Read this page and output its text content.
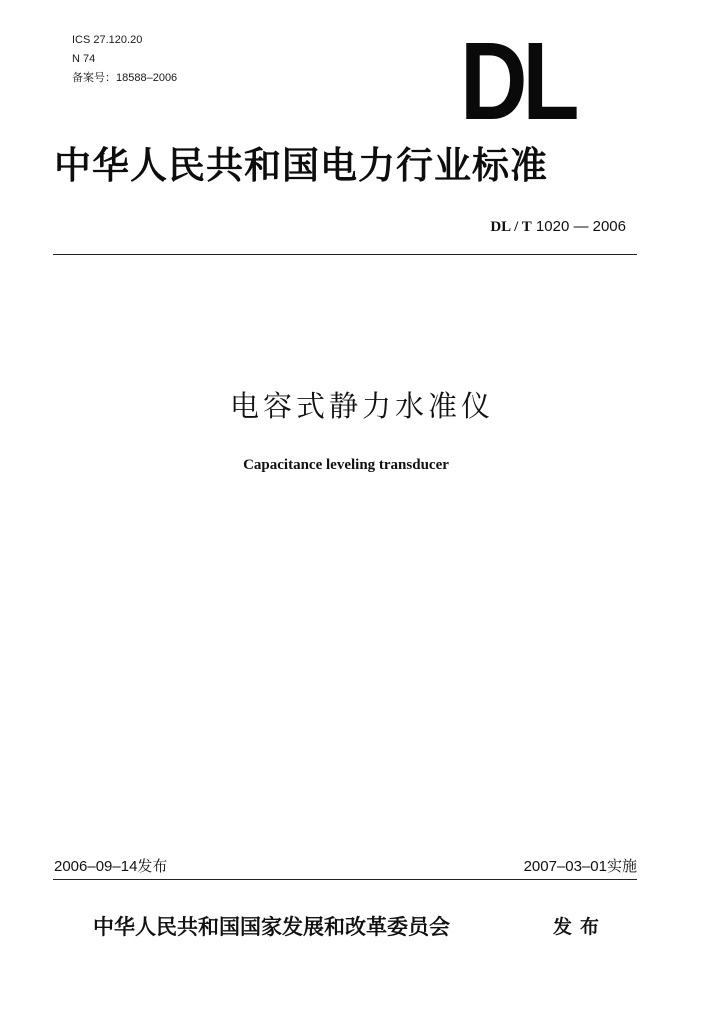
ICS 27.120.20
N 74
备案号：18588–2006	DL
中华人民共和国电力行业标准
DL / T 1020 — 2006
电容式静力水准仪
Capacitance leveling transducer
2006–09–14发布	2007–03–01实施
中华人民共和国国家发展和改革委员会	发布
